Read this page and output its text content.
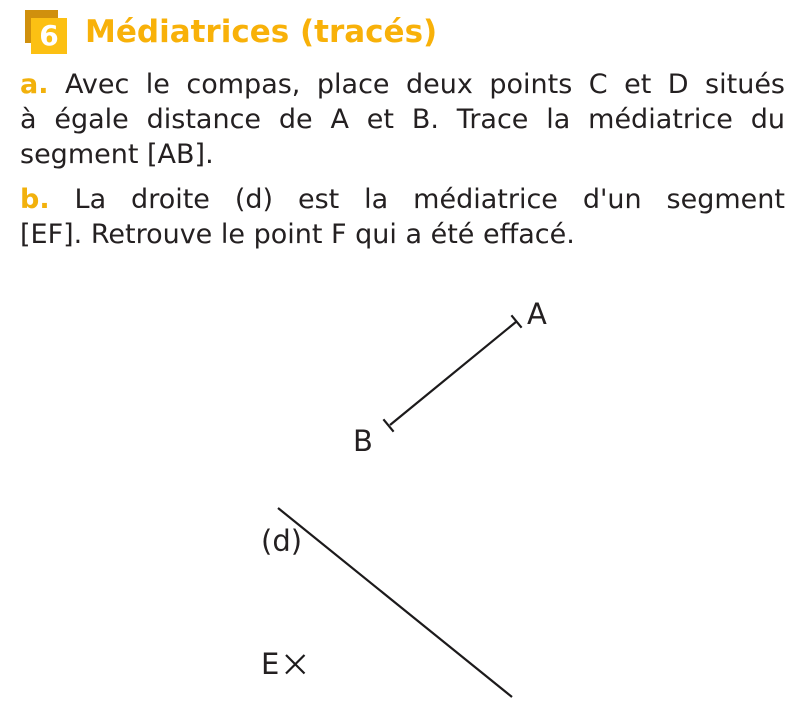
6 Médiatrices (tracés)
a. Avec le compas, place deux points C et D situés
à égale distance de A et B. Trace la médiatrice du
segment [AB].
b. La droite (d) est la médiatrice d'un segment
[EF]. Retrouve le point F qui a été effacé.
A
B
(d)
E
